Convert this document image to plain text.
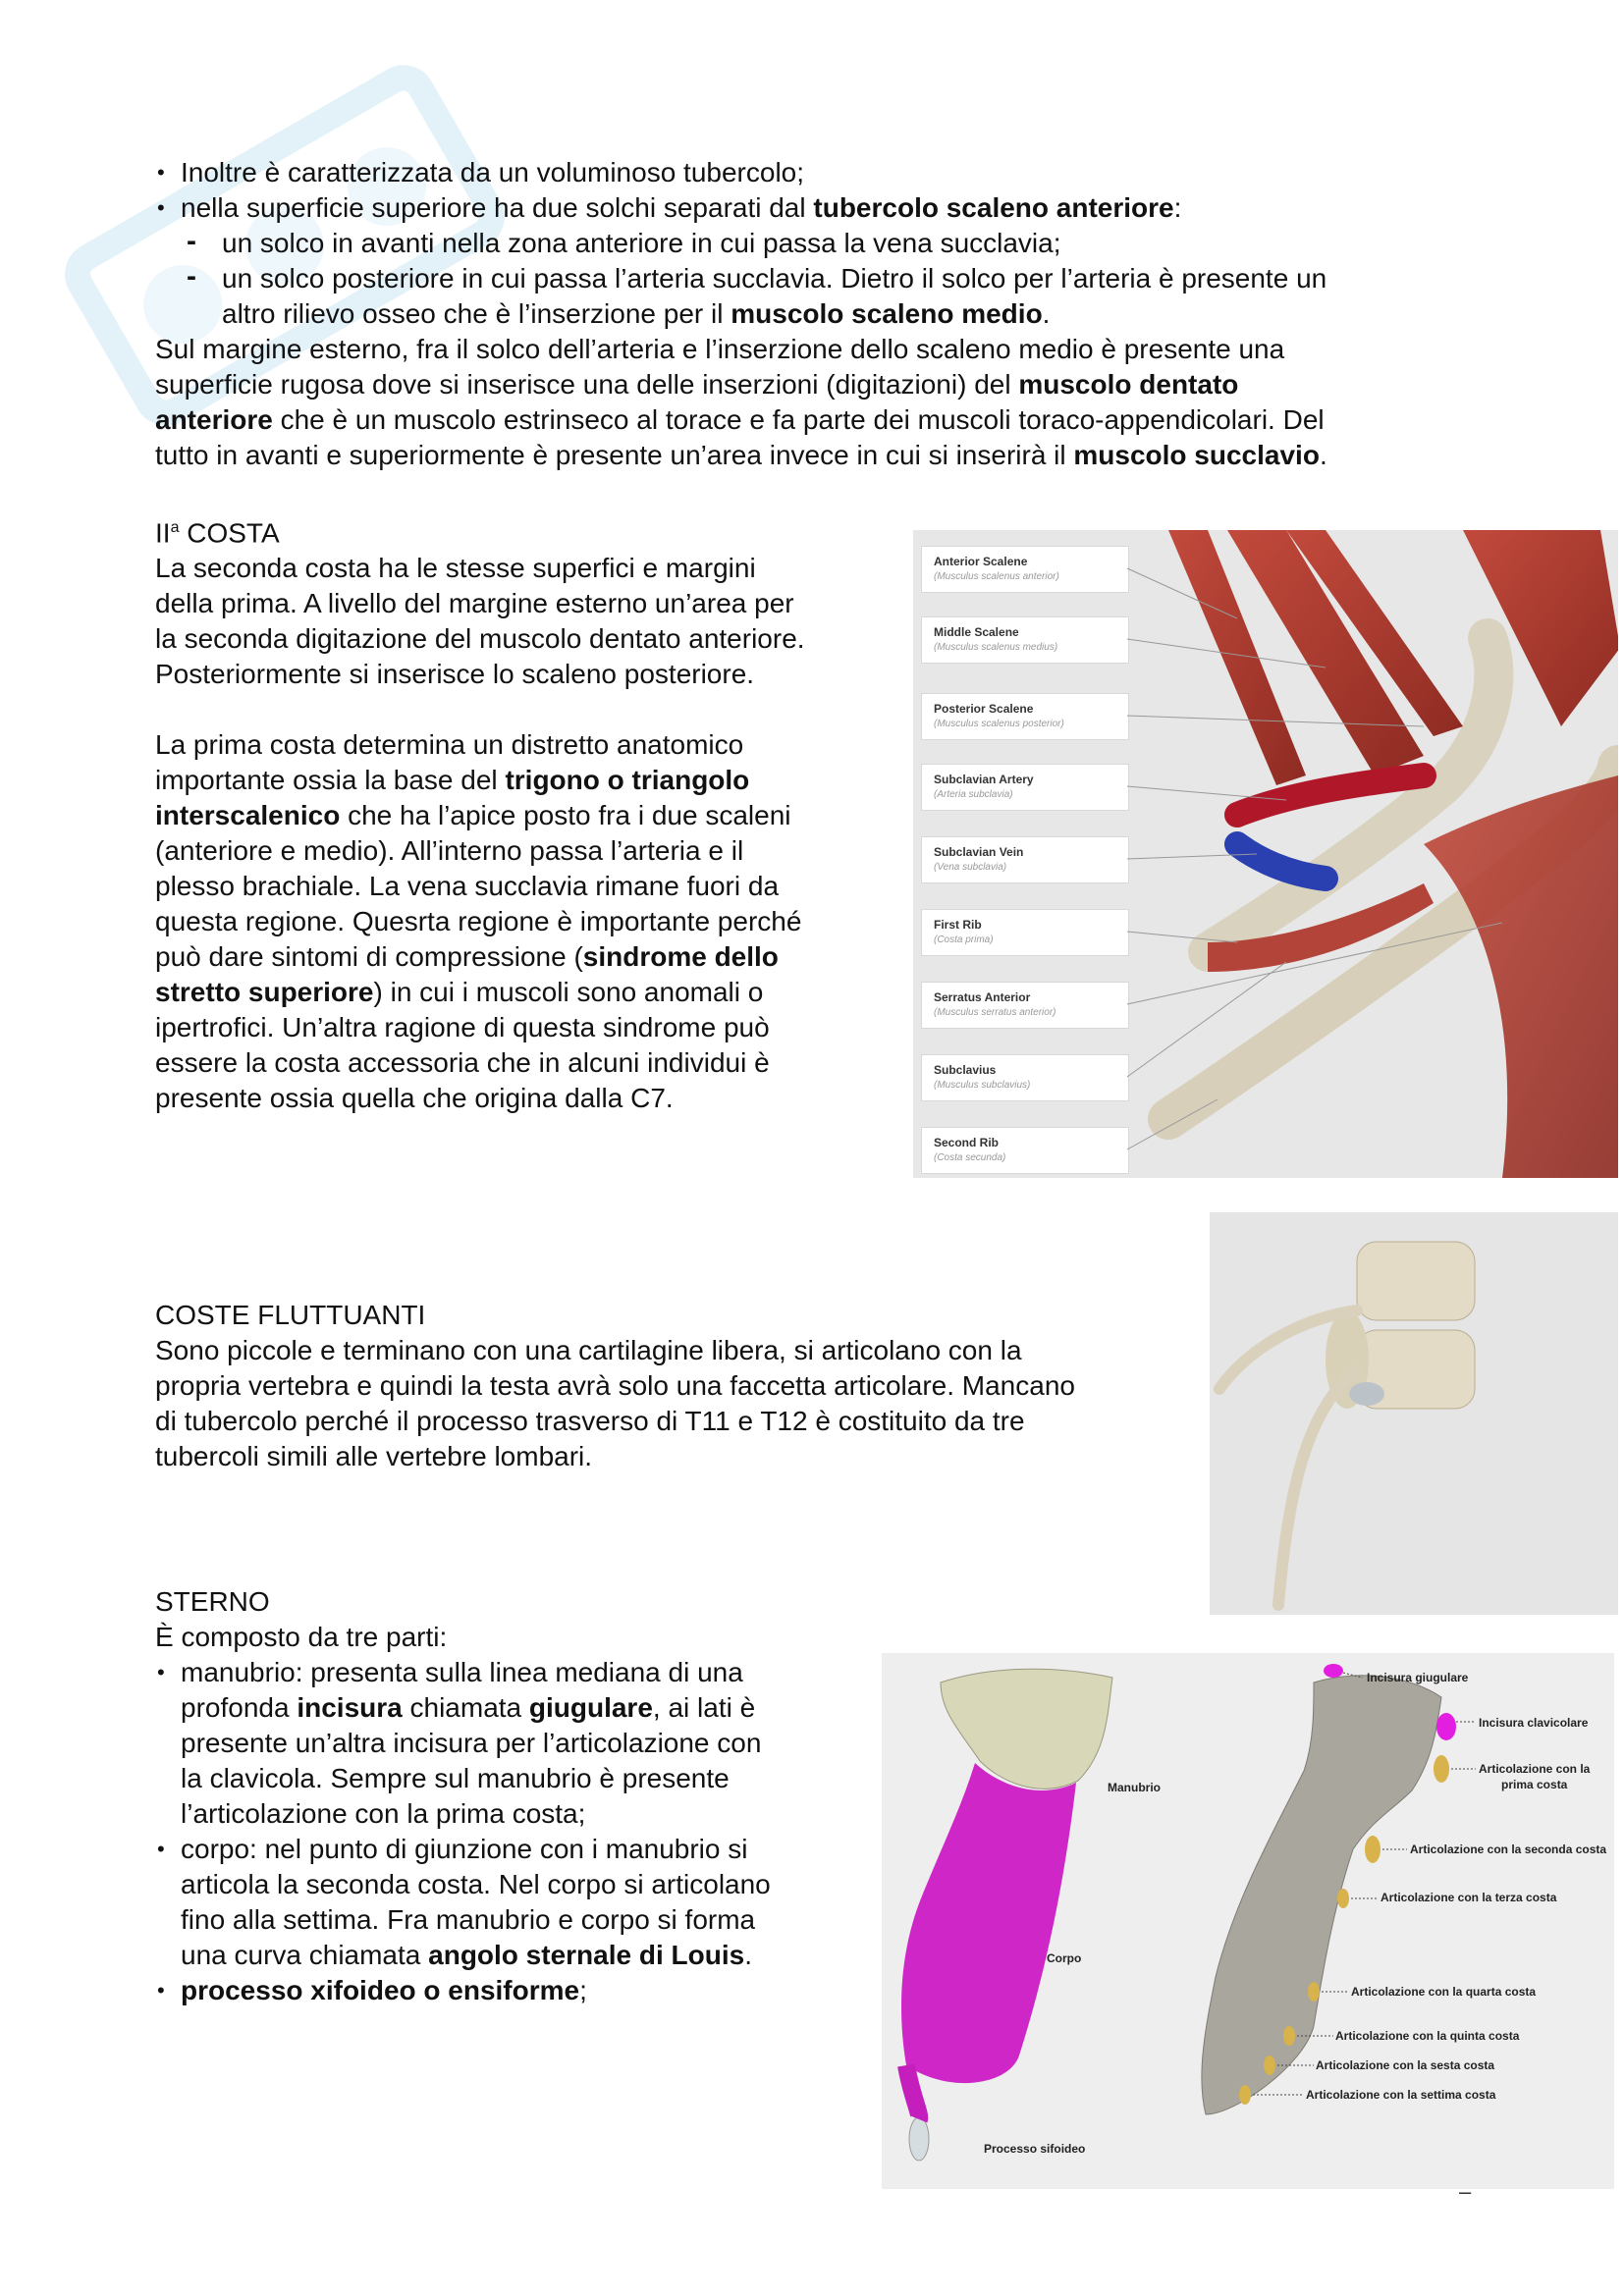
• Inoltre è caratterizzata da un voluminoso tubercolo;
• nella superficie superiore ha due solchi separati dal tubercolo scaleno anteriore:
- un solco in avanti nella zona anteriore in cui passa la vena succlavia;
- un solco posteriore in cui passa l’arteria succlavia. Dietro il solco per l’arteria è presente un
altro rilievo osseo che è l’inserzione per il muscolo scaleno medio.
Sul margine esterno, fra il solco dell’arteria e l’inserzione dello scaleno medio è presente una
superficie rugosa dove si inserisce una delle inserzioni (digitazioni) del muscolo dentato
anteriore che è un muscolo estrinseco al torace e fa parte dei muscoli toraco-appendicolari. Del
tutto in avanti e superiormente è presente un’area invece in cui si inserirà il muscolo succlavio.
$II^a$ COSTA
La seconda costa ha le stesse superfici e margini
della prima. A livello del margine esterno un’area per
la seconda digitazione del muscolo dentato anteriore.
Posteriormente si inserisce lo scaleno posteriore.
La prima costa determina un distretto anatomico
importante ossia la base del trigono o triangolo
interscalenico che ha l’apice posto fra i due scaleni
(anteriore e medio). All’interno passa l’arteria e il
plesso brachiale. La vena succlavia rimane fuori da
questa regione. Quesrta regione è importante perché
può dare sintomi di compressione (sindrome dello
stretto superiore) in cui i muscoli sono anomali o
ipertrofici. Un’altra ragione di questa sindrome può
essere la costa accessoria che in alcuni individui è
presente ossia quella che origina dalla C7.
Anterior Scalene
(Musculus scalenus anterior)
Middle Scalene
(Musculus scalenus medius)
Posterior Scalene
(Musculus scalenus posterior)
Subclavian Artery
(Arteria subclavia)
Subclavian Vein
(Vena subclavia)
First Rib
(Costa prima)
Serratus Anterior
(Musculus serratus anterior)
Subclavius
(Musculus subclavius)
Second Rib
(Costa secunda)
COSTE FLUTTUANTI
Sono piccole e terminano con una cartilagine libera, si articolano con la
propria vertebra e quindi la testa avrà solo una faccetta articolare. Mancano
di tubercolo perché il processo trasverso di T11 e T12 è costituito da tre
tubercoli simili alle vertebre lombari.
STERNO
È composto da tre parti:
• manubrio: presenta sulla linea mediana di una
profonda incisura chiamata giugulare, ai lati è
presente un’altra incisura per l’articolazione con
la clavicola. Sempre sul manubrio è presente
l’articolazione con la prima costa;
• corpo: nel punto di giunzione con i manubrio si
articola la seconda costa. Nel corpo si articolano
fino alla settima. Fra manubrio e corpo si forma
una curva chiamata angolo sternale di Louis.
• processo xifoideo o ensiforme;
Manubrio
Corpo
Processo sifoideo
Incisura giugulare
Incisura clavicolare
Articolazione con la
prima costa
Articolazione con la seconda costa
Articolazione con la terza costa
Articolazione con la quarta costa
Articolazione con la quinta costa
Articolazione con la sesta costa
Articolazione con la settima costa
–
